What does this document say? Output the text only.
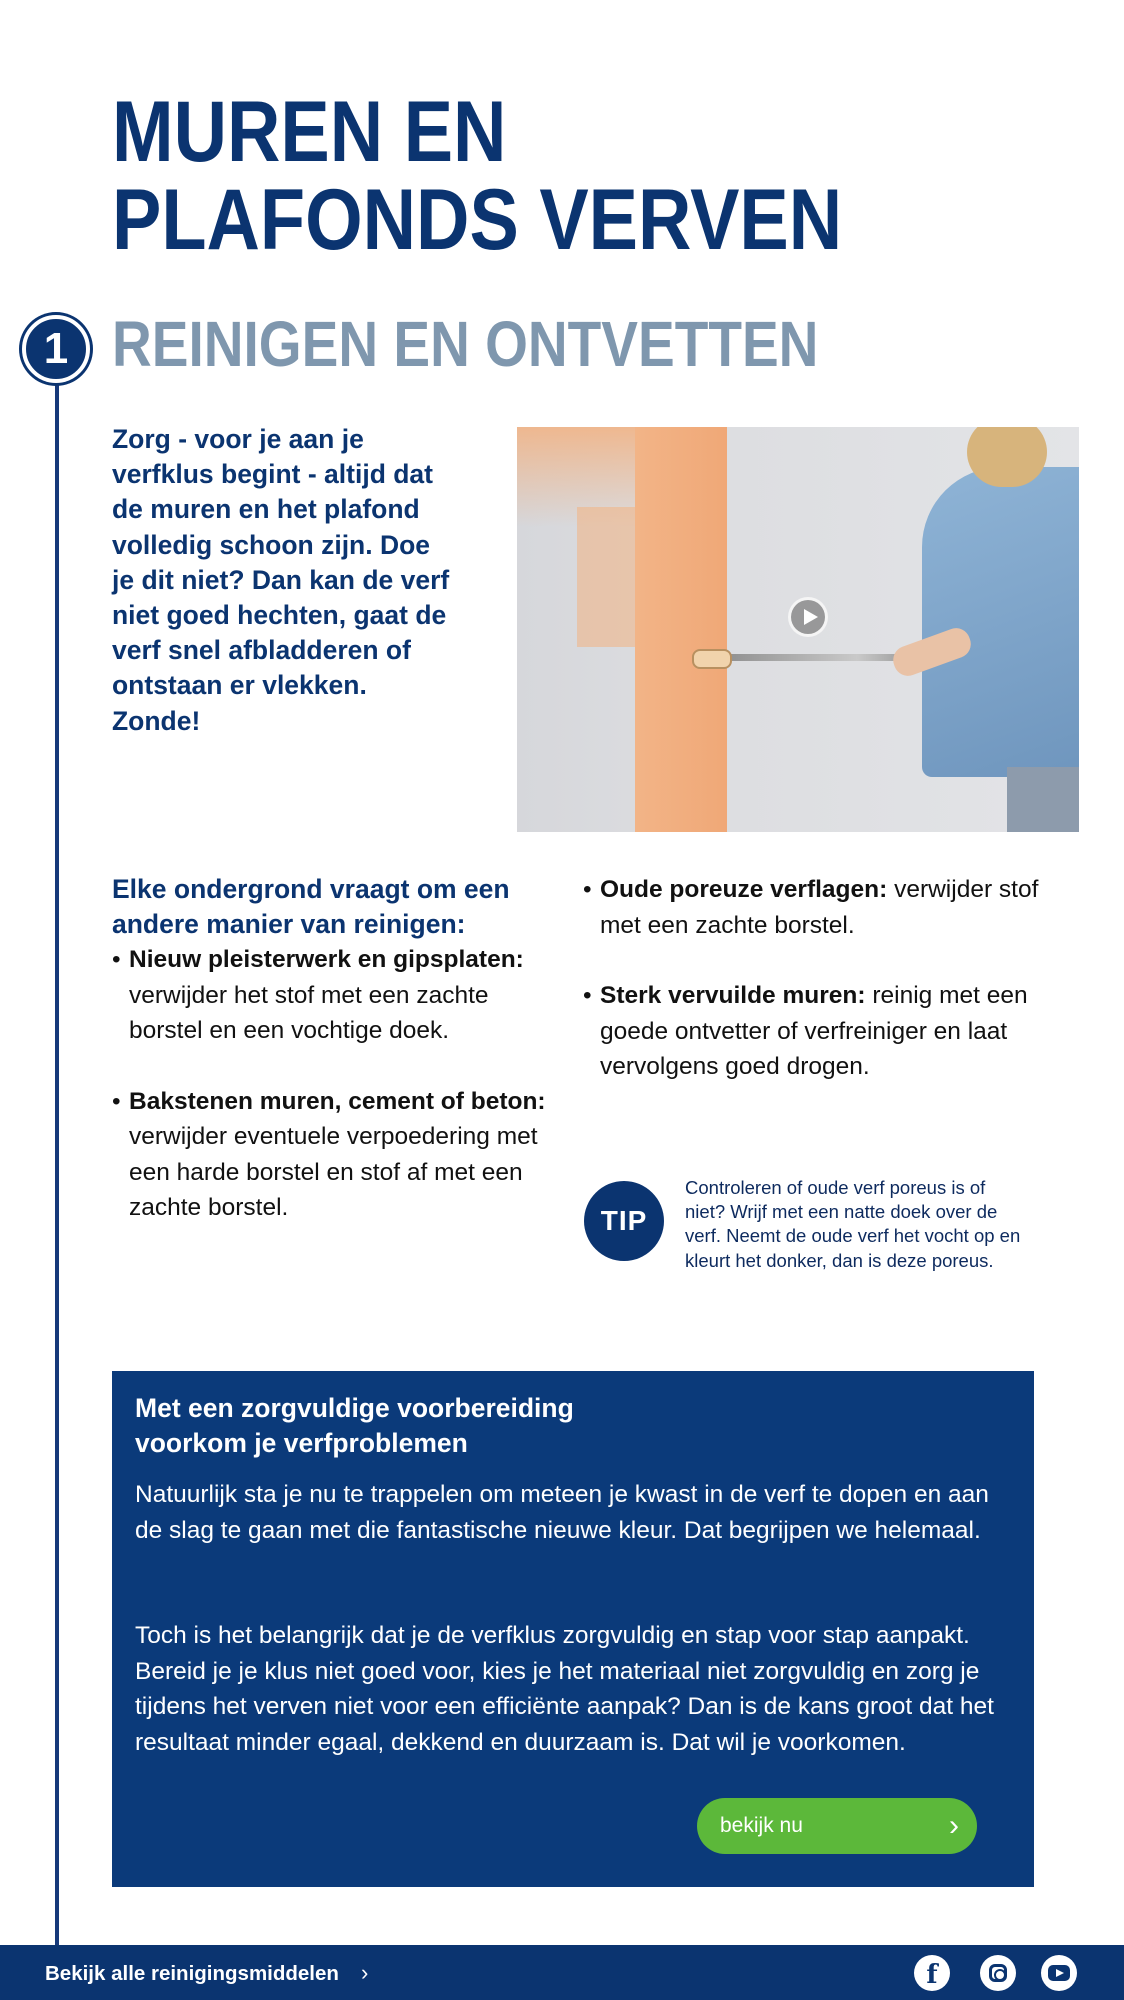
MUREN EN PLAFONDS VERVEN
1 REINIGEN EN ONTVETTEN

Zorg - voor je aan je verfklus begint - altijd dat de muren en het plafond volledig schoon zijn. Doe je dit niet? Dan kan de verf niet goed hechten, gaat de verf snel afbladderen of ontstaan er vlekken. Zonde!

Elke ondergrond vraagt om een andere manier van reinigen:
• Nieuw pleisterwerk en gipsplaten: verwijder het stof met een zachte borstel en een vochtige doek.
• Bakstenen muren, cement of beton: verwijder eventuele verpoedering met een harde borstel en stof af met een zachte borstel.
• Oude poreuze verflagen: verwijder stof met een zachte borstel.
• Sterk vervuilde muren: reinig met een goede ontvetter of verfreiniger en laat vervolgens goed drogen.
TIP

Controleren of oude verf poreus is of niet? Wrijf met een natte doek over de verf. Neemt de oude verf het vocht op en kleurt het donker, dan is deze poreus.

Met een zorgvuldige voorbereiding voorkom je verfproblemen

Natuurlijk sta je nu te trappelen om meteen je kwast in de verf te dopen en aan de slag te gaan met die fantastische nieuwe kleur. Dat begrijpen we helemaal.

Toch is het belangrijk dat je de verfklus zorgvuldig en stap voor stap aanpakt. Bereid je je klus niet goed voor, kies je het materiaal niet zorgvuldig en zorg je tijdens het verven niet voor een efficiënte aanpak? Dan is de kans groot dat het resultaat minder egaal, dekkend en duurzaam is. Dat wil je voorkomen.

bekijk nu	›
Bekijk alle reinigingsmiddelen ›	f
